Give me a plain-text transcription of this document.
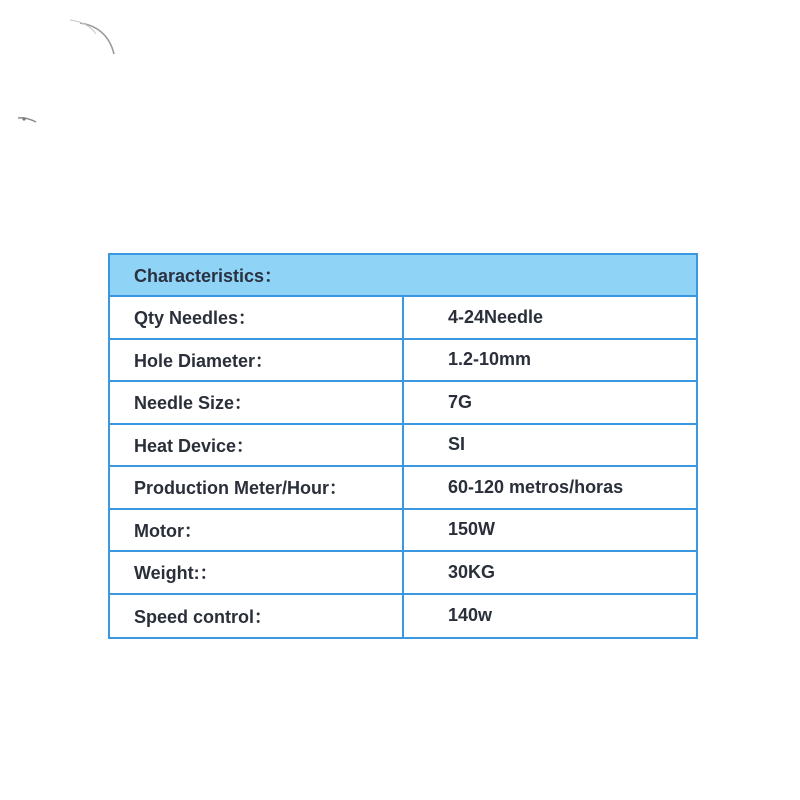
Characteristics：
Qty Needles：	4-24Needle
Hole Diameter：	1.2-10mm
Needle Size：	7G
Heat Device：	SI
Production Meter/Hour：	60-120 metros/horas
Motor：	150W
Weight:：	30KG
Speed control：	140w
